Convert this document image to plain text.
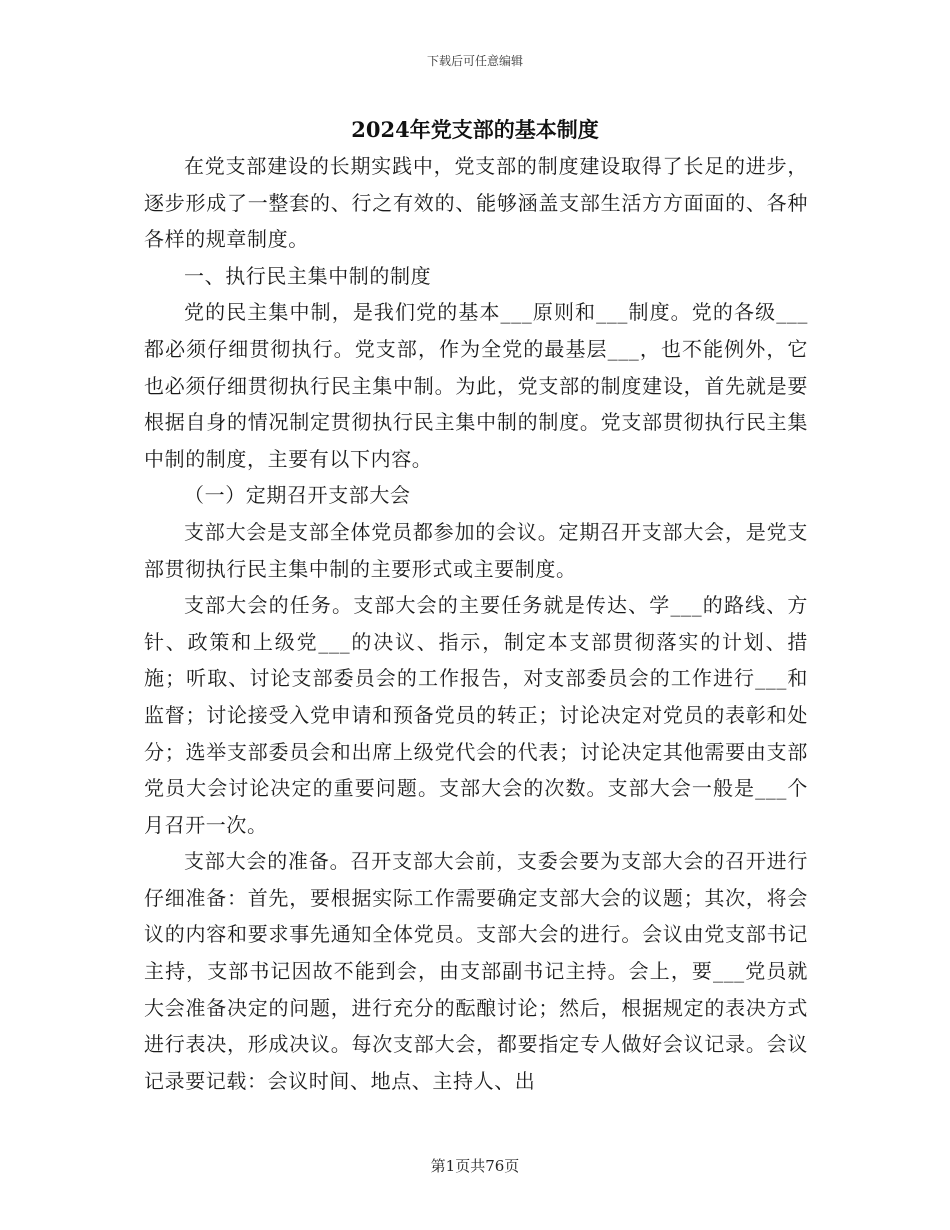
下载后可任意编辑
2024年党支部的基本制度

在党支部建设的长期实践中，党支部的制度建设取得了长足的进步，逐步形成了一整套的、行之有效的、能够涵盖支部生活方方面面的、各种各样的规章制度。

一、执行民主集中制的制度

党的民主集中制，是我们党的基本___原则和___制度。党的各级___都必须仔细贯彻执行。党支部，作为全党的最基层___，也不能例外，它也必须仔细贯彻执行民主集中制。为此，党支部的制度建设，首先就是要根据自身的情况制定贯彻执行民主集中制的制度。党支部贯彻执行民主集中制的制度，主要有以下内容。

（一）定期召开支部大会

支部大会是支部全体党员都参加的会议。定期召开支部大会，是党支部贯彻执行民主集中制的主要形式或主要制度。

支部大会的任务。支部大会的主要任务就是传达、学___的路线、方针、政策和上级党___的决议、指示，制定本支部贯彻落实的计划、措施；听取、讨论支部委员会的工作报告，对支部委员会的工作进行___和监督；讨论接受入党申请和预备党员的转正；讨论决定对党员的表彰和处分；选举支部委员会和出席上级党代会的代表；讨论决定其他需要由支部党员大会讨论决定的重要问题。支部大会的次数。支部大会一般是___个月召开一次。

支部大会的准备。召开支部大会前，支委会要为支部大会的召开进行仔细准备：首先，要根据实际工作需要确定支部大会的议题；其次，将会议的内容和要求事先通知全体党员。支部大会的进行。会议由党支部书记主持，支部书记因故不能到会，由支部副书记主持。会上，要___党员就大会准备决定的问题，进行充分的酝酿讨论；然后，根据规定的表决方式进行表决，形成决议。每次支部大会，都要指定专人做好会议记录。会议记录要记载：会议时间、地点、主持人、出

第1页共76页
